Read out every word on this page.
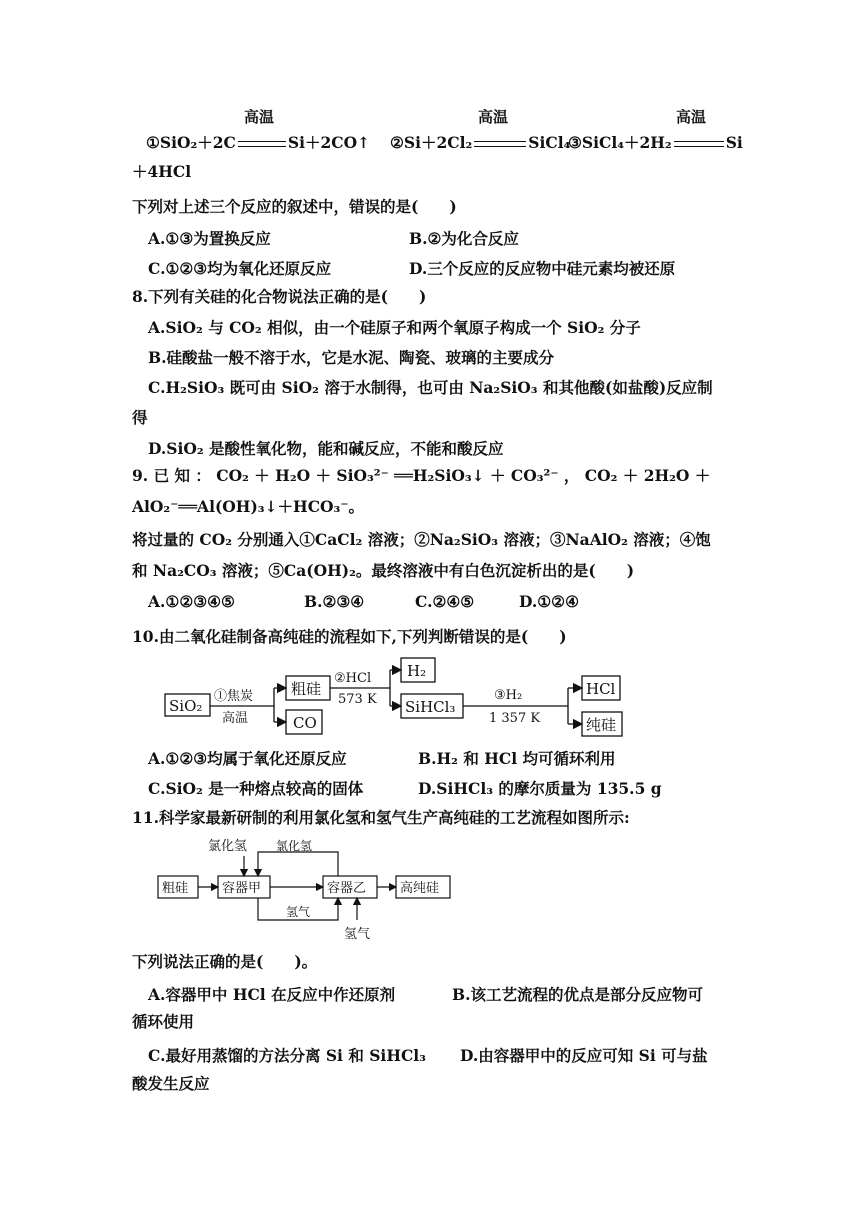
高温	高温	高温
①SiO₂＋2C	Si＋2CO↑ ②Si＋2Cl₂	SiCl₄
③SiCl₄＋2H₂	Si
＋4HCl
下列对上述三个反应的叙述中，错误的是(　　)
A.①③为置换反应	B.②为化合反应
C.①②③均为氧化还原反应	D.三个反应的反应物中硅元素均被还原
8.下列有关硅的化合物说法正确的是(　　)
A.SiO₂ 与 CO₂ 相似，由一个硅原子和两个氧原子构成一个 SiO₂ 分子
B.硅酸盐一般不溶于水，它是水泥、陶瓷、玻璃的主要成分
C.H₂SiO₃ 既可由 SiO₂ 溶于水制得，也可由 Na₂SiO₃ 和其他酸(如盐酸)反应制
得
D.SiO₂ 是酸性氧化物，能和碱反应，不能和酸反应
9. 已 知 ： CO₂ ＋ H₂O ＋ SiO₃²⁻ ══H₂SiO₃↓ ＋ CO₃²⁻ ， CO₂ ＋ 2H₂O ＋
AlO₂⁻══Al(OH)₃↓＋HCO₃⁻。
将过量的 CO₂ 分别通入①CaCl₂ 溶液；②Na₂SiO₃ 溶液；③NaAlO₂ 溶液；④饱
和 Na₂CO₃ 溶液；⑤Ca(OH)₂。最终溶液中有白色沉淀析出的是(　　)
A.①②③④⑤	B.②③④	C.②④⑤	D.①②④
10.由二氧化硅制备高纯硅的流程如下,下列判断错误的是(　　)
SiO₂
①焦炭
高温
粗硅
CO
②HCl
573 K
H₂
SiHCl₃
③H₂
1 357 K
HCl
纯硅
A.①②③均属于氧化还原反应	B.H₂ 和 HCl 均可循环利用
C.SiO₂ 是一种熔点较高的固体	D.SiHCl₃ 的摩尔质量为 135.5 g
11.科学家最新研制的利用氯化氢和氢气生产高纯硅的工艺流程如图所示:
粗硅	容器甲	容器乙	高纯硅
氯化氢 氯化氢
氢气
氢气
下列说法正确的是(　　)。
A.容器甲中 HCl 在反应中作还原剂	B.该工艺流程的优点是部分反应物可
循环使用
C.最好用蒸馏的方法分离 Si 和 SiHCl₃ D.由容器甲中的反应可知 Si 可与盐
酸发生反应
